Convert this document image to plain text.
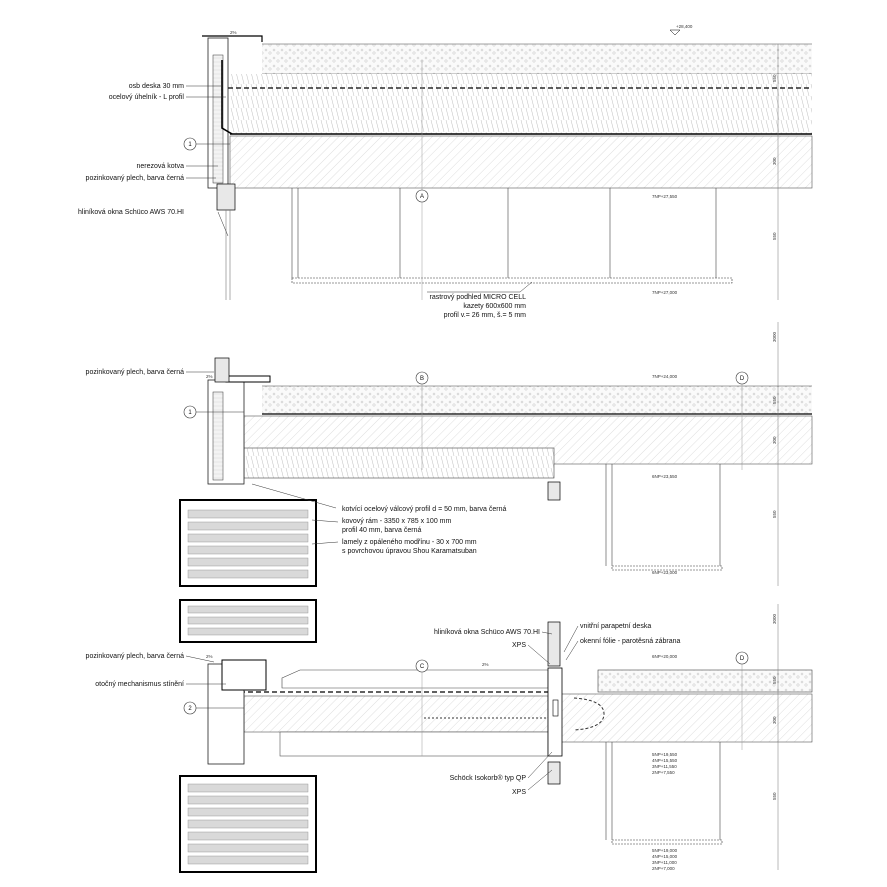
A
1
+28,400
2%
7NP+27,550
7NP+27,000
550
300
550
osb deska 30 mm
ocelový úhelník - L profil
nerezová kotva
pozinkovaný plech, barva černá
hliníková okna Schüco AWS 70.HI
rastrový podhled MICRO CELL
kazety 600x600 mm
profil v.= 26 mm, š.= 5 mm
B	D
1
2%	7NP+24,000
6NP+23,550
6NP+23,000
3000
550
300
550
pozinkovaný plech, barva černá
kotvící ocelový válcový profil d = 50 mm, barva černá
kovový rám - 3350 x 785 x 100 mm
profil 40 mm, barva černá
lamely z opáleného modřínu - 30 x 700 mm
s povrchovou úpravou Shou Karamatsuban
C
D
2
2%
2%
6NP+20,000
5NP+19,550
4NP+15,550
3NP+11,550
2NP+7,550
5NP+19,000
4NP+15,000
3NP+11,000
2NP+7,000
3000
550
300
550
pozinkovaný plech, barva černá
otočný mechanismus stínění
hliníková okna Schüco AWS 70.HI
XPS
vnitřní parapetní deska
okenní fólie - parotěsná zábrana
Schöck Isokorb® typ QP
XPS
